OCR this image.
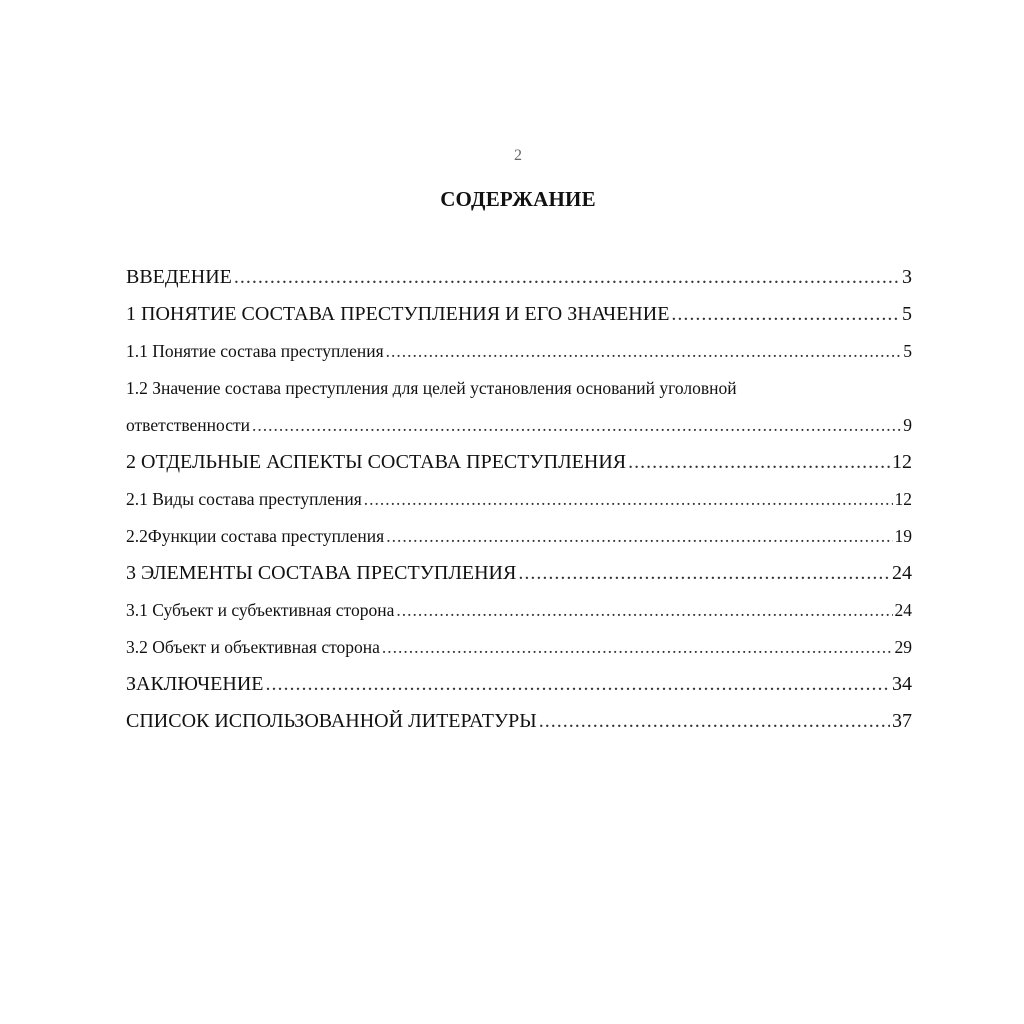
2
СОДЕРЖАНИЕ
ВВЕДЕНИЕ .....	3
1 ПОНЯТИЕ СОСТАВА ПРЕСТУПЛЕНИЯ И ЕГО ЗНАЧЕНИЕ .....	5
1.1 Понятие состава преступления .....	5
1.2 Значение состава преступления для целей установления оснований уголовной
ответственности .....	9
2 ОТДЕЛЬНЫЕ АСПЕКТЫ СОСТАВА ПРЕСТУПЛЕНИЯ .....	12
2.1 Виды состава преступления .....	12
2.2Функции состава преступления .....	19
3 ЭЛЕМЕНТЫ СОСТАВА ПРЕСТУПЛЕНИЯ .....	24
3.1 Субъект и субъективная сторона .....	24
3.2 Объект и объективная сторона .....	29
ЗАКЛЮЧЕНИЕ .....	34
СПИСОК ИСПОЛЬЗОВАННОЙ ЛИТЕРАТУРЫ .....	37
